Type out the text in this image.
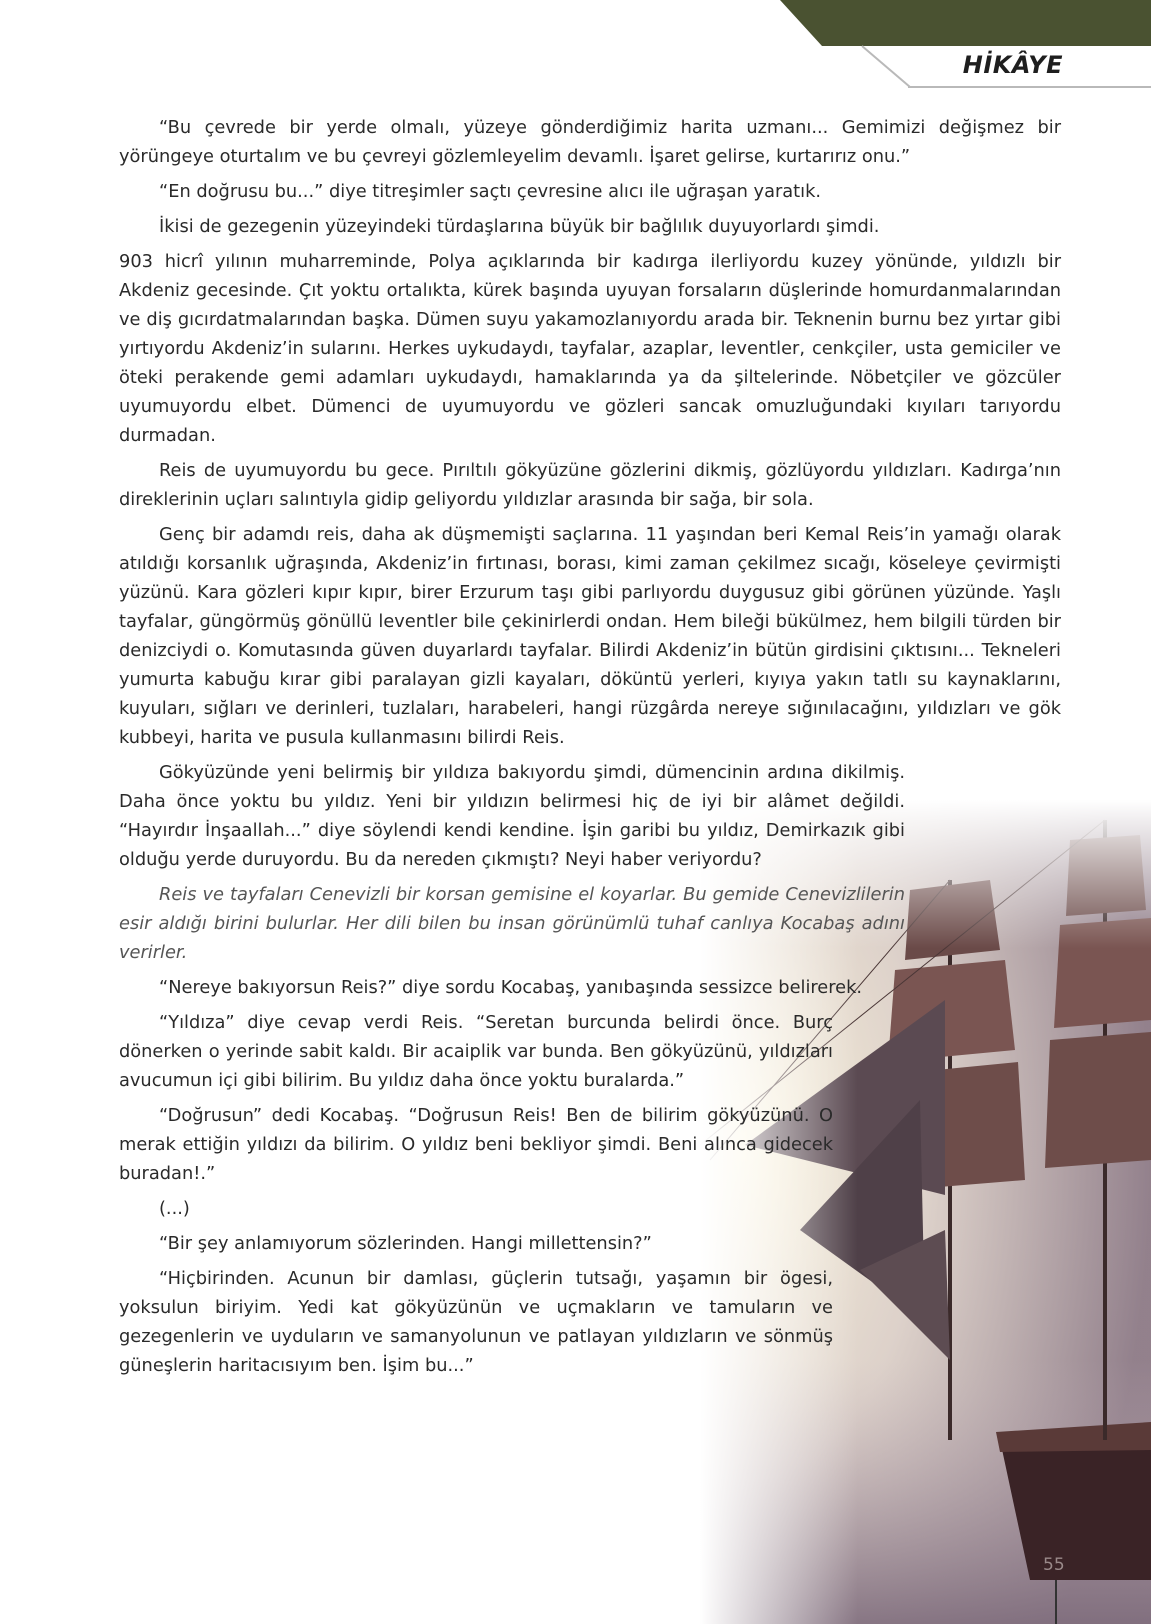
HİKÂYE

“Bu çevrede bir yerde olmalı, yüzeye gönderdiğimiz harita uzmanı... Gemimizi değişmez bir yörüngeye oturtalım ve bu çevreyi gözlemleyelim devamlı. İşaret gelirse, kurtarırız onu.”

“En doğrusu bu...” diye titreşimler saçtı çevresine alıcı ile uğraşan yaratık.

İkisi de gezegenin yüzeyindeki türdaşlarına büyük bir bağlılık duyuyorlardı şimdi.

903 hicrî yılının muharreminde, Polya açıklarında bir kadırga ilerliyordu kuzey yönünde, yıldızlı bir Akdeniz gecesinde. Çıt yoktu ortalıkta, kürek başında uyuyan forsaların düşlerinde homurdanmalarından ve diş gıcırdatmalarından başka. Dümen suyu yakamozlanıyordu arada bir. Teknenin burnu bez yırtar gibi yırtıyordu Akdeniz’in sularını. Herkes uykudaydı, tayfalar, azaplar, leventler, cenkçiler, usta gemiciler ve öteki perakende gemi adamları uykudaydı, hamaklarında ya da şiltelerinde. Nöbetçiler ve gözcüler uyumuyordu elbet. Dümenci de uyumuyordu ve gözleri sancak omuzluğundaki kıyıları tarıyordu durmadan.

Reis de uyumuyordu bu gece. Pırıltılı gökyüzüne gözlerini dikmiş, gözlüyordu yıldızları. Kadırga’nın direklerinin uçları salıntıyla gidip geliyordu yıldızlar arasında bir sağa, bir sola.

Genç bir adamdı reis, daha ak düşmemişti saçlarına. 11 yaşından beri Kemal Reis’in yamağı olarak atıldığı korsanlık uğraşında, Akdeniz’in fırtınası, borası, kimi zaman çekilmez sıcağı, köseleye çevirmişti yüzünü. Kara gözleri kıpır kıpır, birer Erzurum taşı gibi parlıyordu duygusuz gibi görünen yüzünde. Yaşlı tayfalar, güngörmüş gönüllü leventler bile çekinirlerdi ondan. Hem bileği bükülmez, hem bilgili türden bir denizciydi o. Komutasında güven duyarlardı tayfalar. Bilirdi Akdeniz’in bütün girdisini çıktısını... Tekneleri yumurta kabuğu kırar gibi paralayan gizli kayaları, döküntü yerleri, kıyıya yakın tatlı su kaynaklarını, kuyuları, sığları ve derinleri, tuzlaları, harabeleri, hangi rüzgârda nereye sığınılacağını, yıldızları ve gök kubbeyi, harita ve pusula kullanmasını bilirdi Reis.

Gökyüzünde yeni belirmiş bir yıldıza bakıyordu şimdi, dümencinin ardına dikilmiş. Daha önce yoktu bu yıldız. Yeni bir yıldızın belirmesi hiç de iyi bir alâmet değildi. “Hayırdır İnşaallah...” diye söylendi kendi kendine. İşin garibi bu yıldız, Demirkazık gibi olduğu yerde duruyordu. Bu da nereden çıkmıştı? Neyi haber veriyordu?

Reis ve tayfaları Cenevizli bir korsan gemisine el koyarlar. Bu gemide Cenevizlilerin esir aldığı birini bulurlar. Her dili bilen bu insan görünümlü tuhaf canlıya Kocabaş adını verirler.

“Nereye bakıyorsun Reis?” diye sordu Kocabaş, yanıbaşında sessizce belirerek.

“Yıldıza” diye cevap verdi Reis. “Seretan burcunda belirdi önce. Burç dönerken o yerinde sabit kaldı. Bir acaiplik var bunda. Ben gökyüzünü, yıldızları avucumun içi gibi bilirim. Bu yıldız daha önce yoktu buralarda.”

“Doğrusun” dedi Kocabaş. “Doğrusun Reis! Ben de bilirim gökyüzünü. O merak ettiğin yıldızı da bilirim. O yıldız beni bekliyor şimdi. Beni alınca gidecek buradan!.”

(...)

“Bir şey anlamıyorum sözlerinden. Hangi millettensin?”

“Hiçbirinden. Acunun bir damlası, güçlerin tutsağı, yaşamın bir ögesi, yoksulun biriyim. Yedi kat gökyüzünün ve uçmakların ve tamuların ve gezegenlerin ve uyduların ve samanyolunun ve patlayan yıldızların ve sönmüş güneşlerin haritacısıyım ben. İşim bu...”

55
